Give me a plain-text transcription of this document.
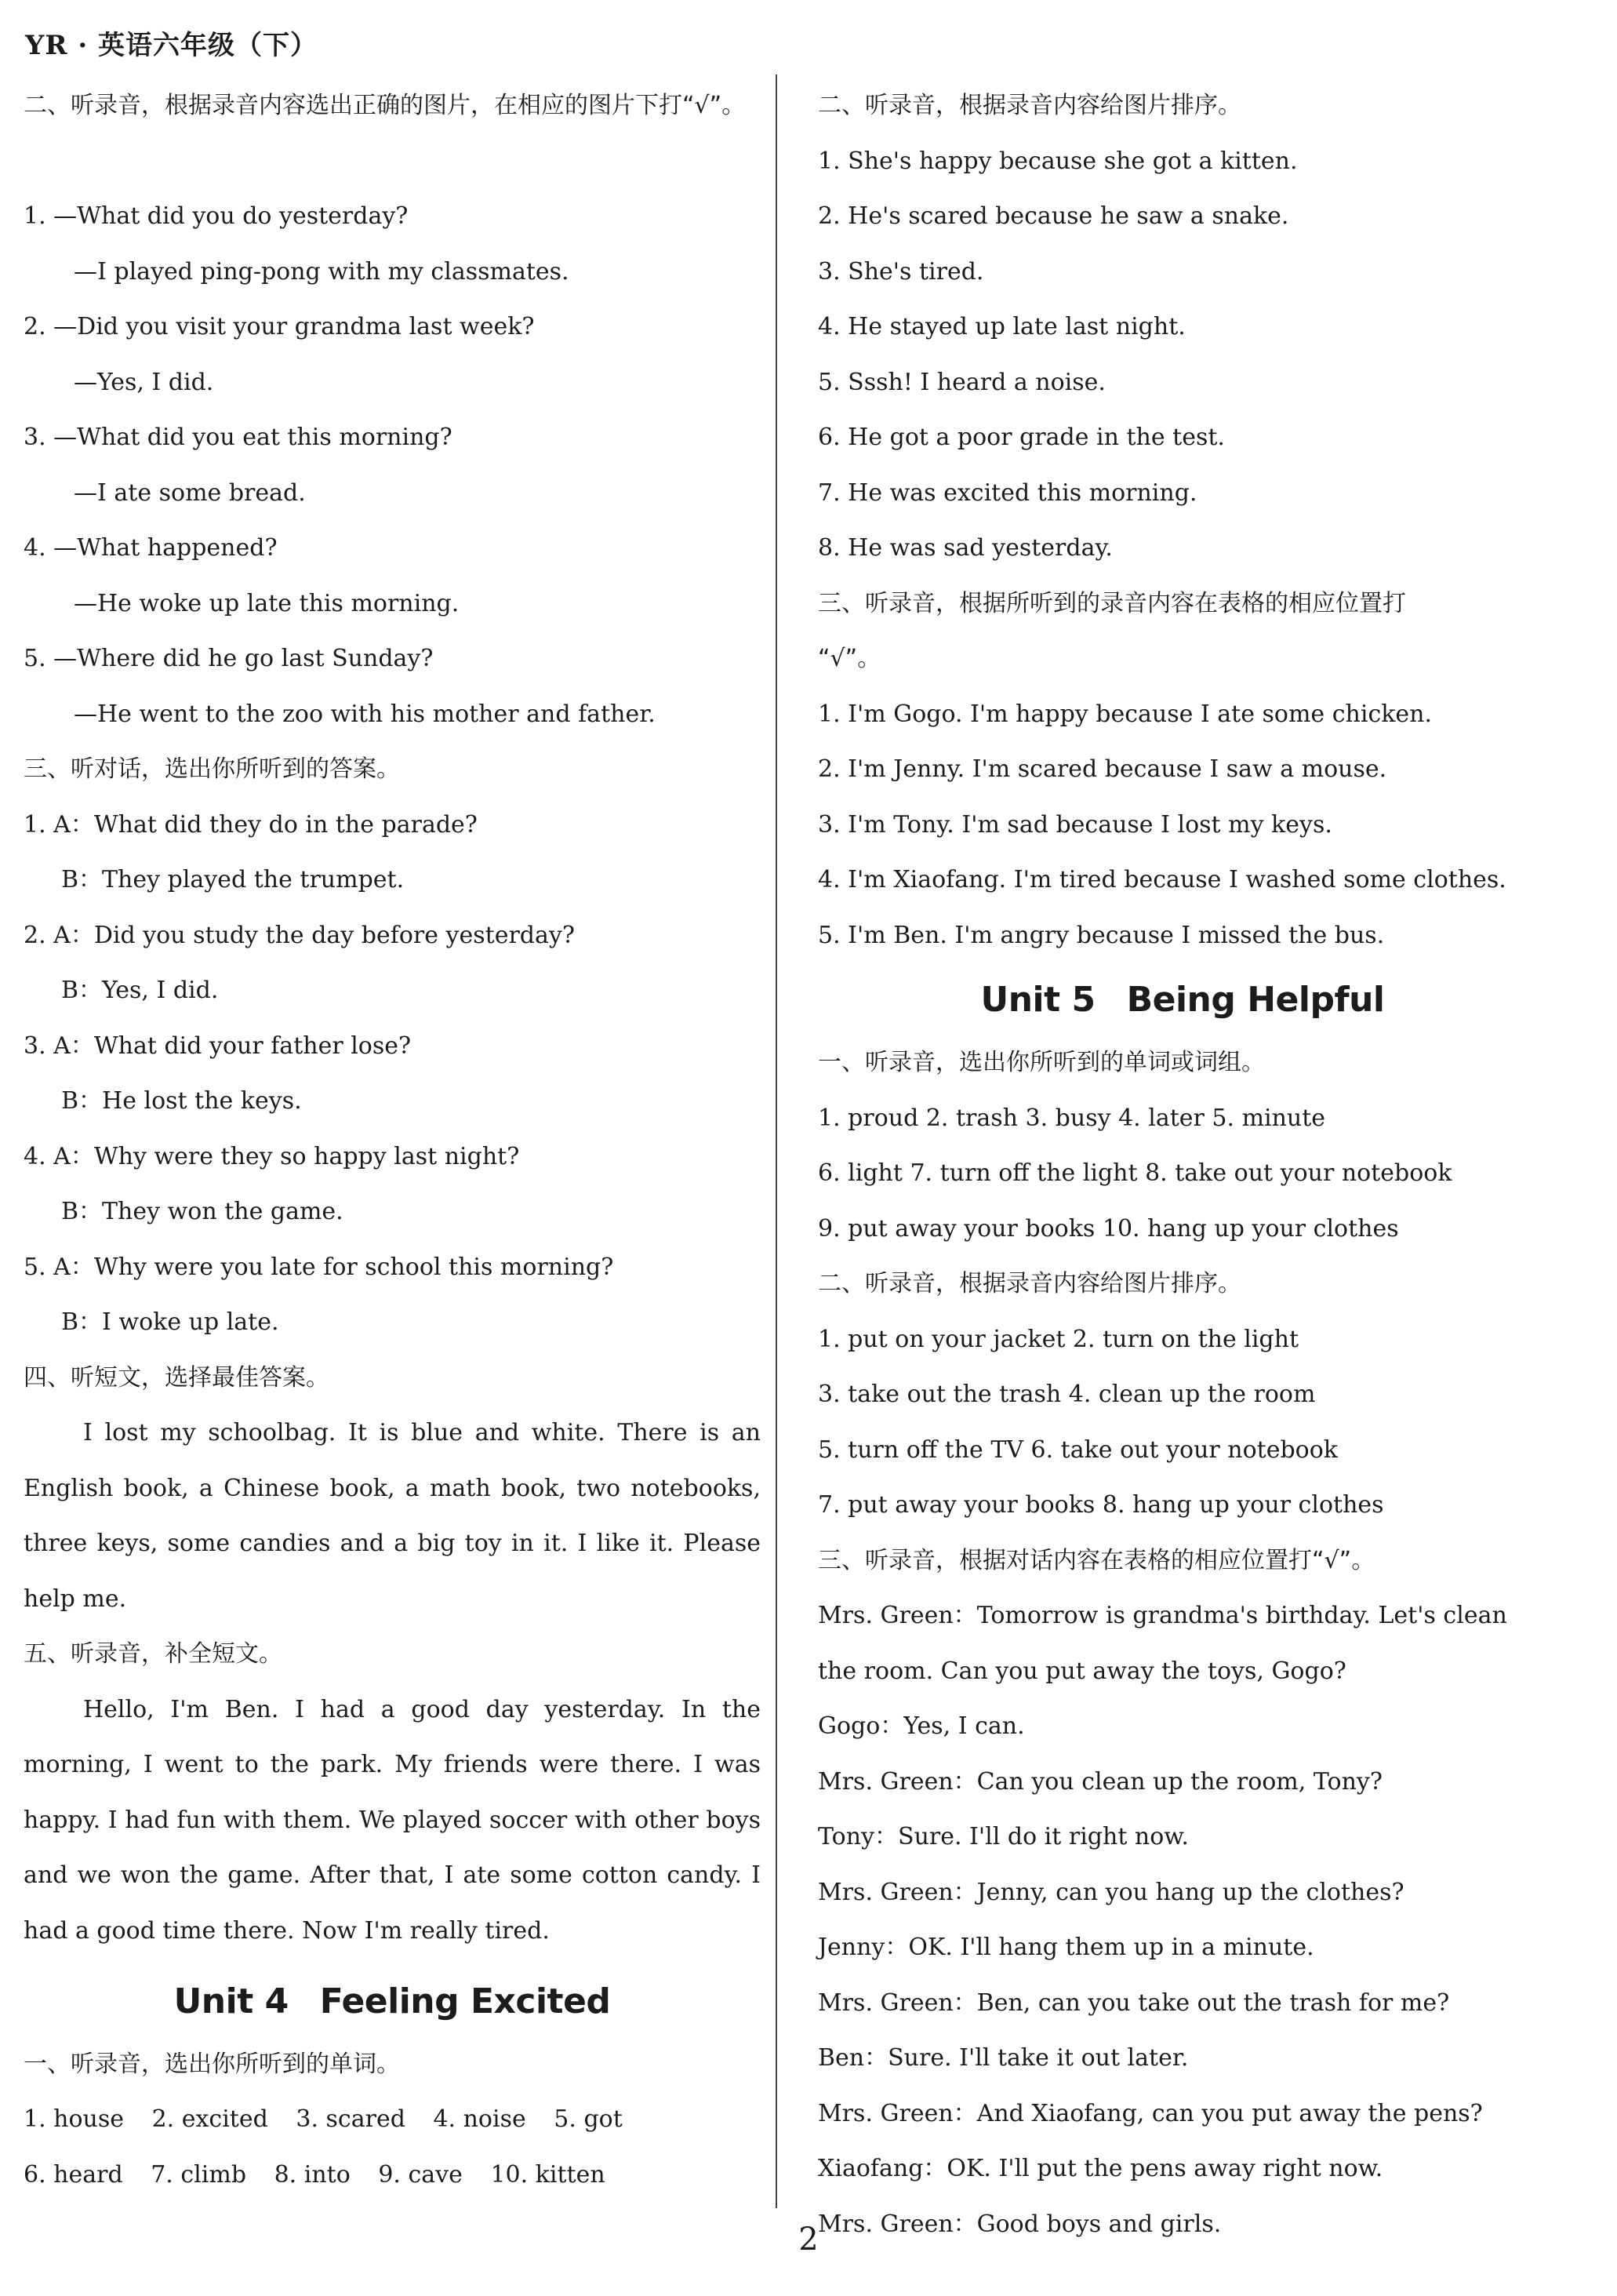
YR · 英语六年级（下）
二、听录音，根据录音内容选出正确的图片，在相应的图片下打“√”。
1. —What did you do yesterday?
—I played ping-pong with my classmates.
2. —Did you visit your grandma last week?
—Yes, I did.
3. —What did you eat this morning?
—I ate some bread.
4. —What happened?
—He woke up late this morning.
5. —Where did he go last Sunday?
—He went to the zoo with his mother and father.
三、听对话，选出你所听到的答案。
1. A：What did they do in the parade?
B：They played the trumpet.
2. A：Did you study the day before yesterday?
B：Yes, I did.
3. A：What did your father lose?
B：He lost the keys.
4. A：Why were they so happy last night?
B：They won the game.
5. A：Why were you late for school this morning?
B：I woke up late.
四、听短文，选择最佳答案。
I lost my schoolbag. It is blue and white. There is an English book, a Chinese book, a math book, two notebooks, three keys, some candies and a big toy in it. I like it. Please help me.
五、听录音，补全短文。
Hello, I'm Ben. I had a good day yesterday. In the morning, I went to the park. My friends were there. I was happy. I had fun with them. We played soccer with other boys and we won the game. After that, I ate some cotton candy. I had a good time there. Now I'm really tired.
Unit 4 Feeling Excited
一、听录音，选出你所听到的单词。
1. house 2. excited 3. scared 4. noise 5. got
6. heard 7. climb 8. into 9. cave 10. kitten
二、听录音，根据录音内容给图片排序。
1. She's happy because she got a kitten.
2. He's scared because he saw a snake.
3. She's tired.
4. He stayed up late last night.
5. Sssh! I heard a noise.
6. He got a poor grade in the test.
7. He was excited this morning.
8. He was sad yesterday.
三、听录音，根据所听到的录音内容在表格的相应位置打
“√”。
1. I'm Gogo. I'm happy because I ate some chicken.
2. I'm Jenny. I'm scared because I saw a mouse.
3. I'm Tony. I'm sad because I lost my keys.
4. I'm Xiaofang. I'm tired because I washed some clothes.
5. I'm Ben. I'm angry because I missed the bus.
Unit 5 Being Helpful
一、听录音，选出你所听到的单词或词组。
1. proud 2. trash 3. busy 4. later 5. minute
6. light 7. turn off the light 8. take out your notebook
9. put away your books 10. hang up your clothes
二、听录音，根据录音内容给图片排序。
1. put on your jacket 2. turn on the light
3. take out the trash 4. clean up the room
5. turn off the TV 6. take out your notebook
7. put away your books 8. hang up your clothes
三、听录音，根据对话内容在表格的相应位置打“√”。
Mrs. Green：Tomorrow is grandma's birthday. Let's clean the room. Can you put away the toys, Gogo?
Gogo：Yes, I can.
Mrs. Green：Can you clean up the room, Tony?
Tony：Sure. I'll do it right now.
Mrs. Green：Jenny, can you hang up the clothes?
Jenny：OK. I'll hang them up in a minute.
Mrs. Green：Ben, can you take out the trash for me?
Ben：Sure. I'll take it out later.
Mrs. Green：And Xiaofang, can you put away the pens?
Xiaofang：OK. I'll put the pens away right now.
Mrs. Green：Good boys and girls.
2
